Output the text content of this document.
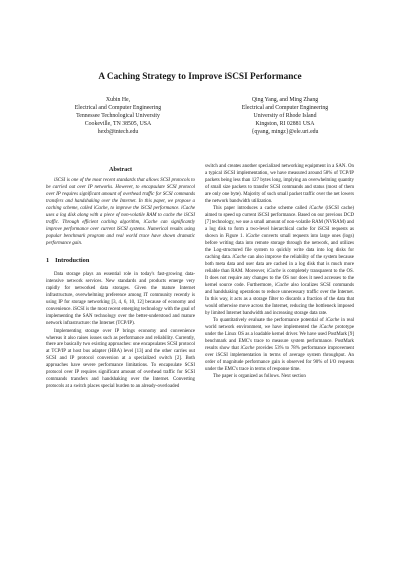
A Caching Strategy to Improve iSCSI Performance
Xubin He,
Electrical and Computer Engineering
Tennessee Technological University
Cookeville, TN 38505, USA
hexb@tntech.edu
Qing Yang, and Ming Zhang
Electrical and Computer Engineering
University of Rhode Island
Kingston, RI 02881 USA
{qyang, mingz}@ele.uri.edu
Abstract

iSCSI is one of the most recent standards that allows SCSI protocols to be carried out over IP networks. However, to encapsulate SCSI protocol over IP requires significant amount of overhead traffic for SCSI commands transfers and handshaking over the Internet. In this paper, we propose a caching scheme, called iCache, to improve the iSCSI performance. iCache uses a log disk along with a piece of non-volatile RAM to cache the iSCSI traffic. Through efficient caching algorithm, iCache can significantly improve performance over current iSCSI systems. Numerical results using popular benchmark program and real world trace have shown dramatic performance gain.

1 Introduction

Data storage plays an essential role in today's fast-growing data-intensive network services. New standards and products emerge very rapidly for networked data storages. Given the mature Internet infrastructure, overwhelming preference among IT community recently is using IP for storage networking [3, 4, 6, 10, 12] because of economy and convenience. iSCSI is the most recent emerging technology with the goal of implementing the SAN technology over the better-understood and mature network infrastructure: the Internet (TCP/IP).

Implementing storage over IP brings economy and convenience whereas it also raises issues such as performance and reliability. Currently, there are basically two existing approaches: one encapsulates SCSI protocol at TCP/IP at host bus adapter (HBA) level [13] and the other carries out SCSI and IP protocol conversion at a specialized switch [2]. Both approaches have severe performance limitations. To encapsulate SCSI protocol over IP requires significant amount of overhead traffic for SCSI commands transfers and handshaking over the Internet. Converting protocols at a switch places special burden to an already-overloaded

switch and creates another specialized networking equipment in a SAN. On a typical iSCSI implementation, we have measured around 58% of TCP/IP packets being less than 127 bytes long, implying an overwhelming quantity of small size packets to transfer SCSI commands and status (most of them are only one byte). Majority of such small packet traffic over the net lowers the network bandwidth utilization.

This paper introduces a cache scheme called iCache (iSCSI cache) aimed to speed up current iSCSI performance. Based on our previous DCD [7] technology, we use a small amount of non-volatile RAM (NVRAM) and a log disk to form a two-level hierarchical cache for iSCSI requests as shown in Figure 1. iCache converts small requests into large ones (logs) before writing data into remote storage through the network, and utilizes the Log-structured file system to quickly write data into log disks for caching data. iCache can also improve the reliability of the system because both meta data and user data are cached in a log disk that is much more reliable than RAM. Moreover, iCache is completely transparent to the OS. It does not require any changes to the OS nor does it need accesses to the kernel source code. Furthermore, iCache also localizes SCSI commands and handshaking operations to reduce unnecessary traffic over the Internet. In this way, it acts as a storage filter to discards a fraction of the data that would otherwise move across the Internet, reducing the bottleneck imposed by limited Internet bandwidth and increasing storage data rate.

To quantitatively evaluate the performance potential of iCache in real world network environment, we have implemented the iCache prototype under the Linux OS as a loadable kernel driver. We have used PostMark [9] benchmark and EMC's trace to measure system performance. PostMark results show that iCache provides 53% to 78% performance improvement over iSCSI implementation in terms of average system throughput. An order of magnitude performance gain is observed for 90% of I/O requests under the EMC's trace in terms of response time.

The paper is organized as follows. Next section
